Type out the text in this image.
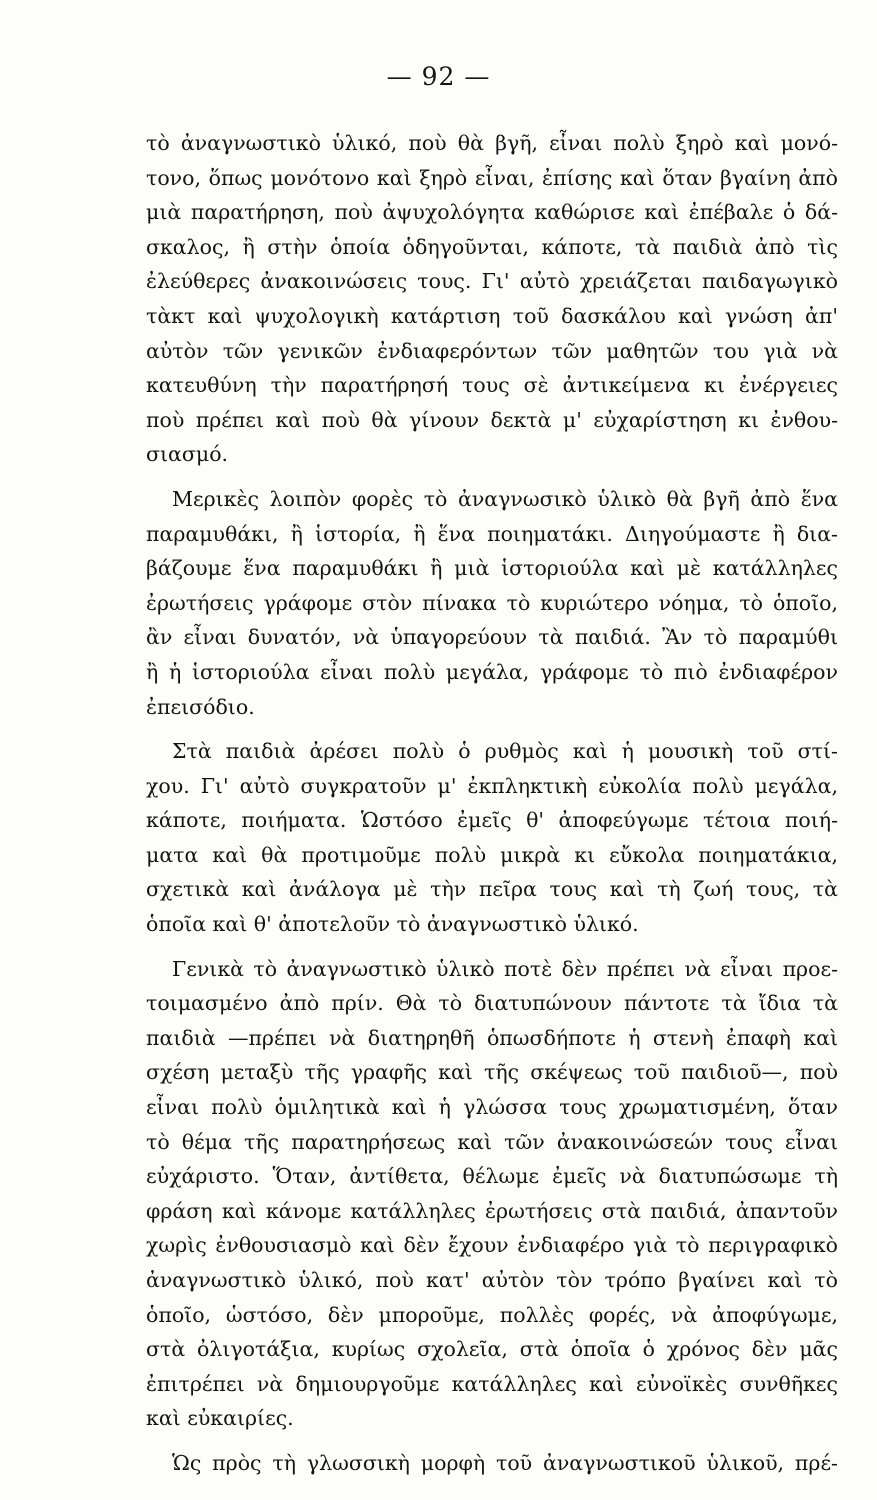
— 92 —
τὸ ἀναγνωστικὸ ὑλικό, ποὺ θὰ βγῆ, εἶναι πολὺ ξηρὸ καὶ μονό-
τονο, ὅπως μονότονο καὶ ξηρὸ εἶναι, ἐπίσης καὶ ὅταν βγαίνη ἀπὸ
μιὰ παρατήρηση, ποὺ ἀψυχολόγητα καθώρισε καὶ ἐπέβαλε ὁ δά-
σκαλος, ἢ στὴν ὁποία ὁδηγοῦνται, κάποτε, τὰ παιδιὰ ἀπὸ τὶς
ἐλεύθερες ἀνακοινώσεις τους. Γι' αὐτὸ χρειάζεται παιδαγωγικὸ
τὰκτ καὶ ψυχολογικὴ κατάρτιση τοῦ δασκάλου καὶ γνώση ἀπ'
αὐτὸν τῶν γενικῶν ἐνδιαφερόντων τῶν μαθητῶν του γιὰ νὰ
κατευθύνη τὴν παρατήρησή τους σὲ ἀντικείμενα κι ἐνέργειες
ποὺ πρέπει καὶ ποὺ θὰ γίνουν δεκτὰ μ' εὐχαρίστηση κι ἐνθου-
σιασμό.
Μερικὲς λοιπὸν φορὲς τὸ ἀναγνωσικὸ ὑλικὸ θὰ βγῆ ἀπὸ ἕνα
παραμυθάκι, ἢ ἱστορία, ἢ ἕνα ποιηματάκι. Διηγούμαστε ἢ δια-
βάζουμε ἕνα παραμυθάκι ἢ μιὰ ἱστοριούλα καὶ μὲ κατάλληλες
ἐρωτήσεις γράφομε στὸν πίνακα τὸ κυριώτερο νόημα, τὸ ὁποῖο,
ἂν εἶναι δυνατόν, νὰ ὑπαγορεύουν τὰ παιδιά. Ἂν τὸ παραμύθι
ἢ ἡ ἱστοριούλα εἶναι πολὺ μεγάλα, γράφομε τὸ πιὸ ἐνδιαφέρον
ἐπεισόδιο.
Στὰ παιδιὰ ἀρέσει πολὺ ὁ ρυθμὸς καὶ ἡ μουσικὴ τοῦ στί-
χου. Γι' αὐτὸ συγκρατοῦν μ' ἐκπληκτικὴ εὐκολία πολὺ μεγάλα,
κάποτε, ποιήματα. Ὡστόσο ἐμεῖς θ' ἀποφεύγωμε τέτοια ποιή-
ματα καὶ θὰ προτιμοῦμε πολὺ μικρὰ κι εὔκολα ποιηματάκια,
σχετικὰ καὶ ἀνάλογα μὲ τὴν πεῖρα τους καὶ τὴ ζωή τους, τὰ
ὁποῖα καὶ θ' ἀποτελοῦν τὸ ἀναγνωστικὸ ὑλικό.
Γενικὰ τὸ ἀναγνωστικὸ ὑλικὸ ποτὲ δὲν πρέπει νὰ εἶναι προε-
τοιμασμένο ἀπὸ πρίν. Θὰ τὸ διατυπώνουν πάντοτε τὰ ἴδια τὰ
παιδιὰ —πρέπει νὰ διατηρηθῆ ὁπωσδήποτε ἡ στενὴ ἐπαφὴ καὶ
σχέση μεταξὺ τῆς γραφῆς καὶ τῆς σκέψεως τοῦ παιδιοῦ—, ποὺ
εἶναι πολὺ ὁμιλητικὰ καὶ ἡ γλώσσα τους χρωματισμένη, ὅταν
τὸ θέμα τῆς παρατηρήσεως καὶ τῶν ἀνακοινώσεών τους εἶναι
εὐχάριστο. Ὅταν, ἀντίθετα, θέλωμε ἐμεῖς νὰ διατυπώσωμε τὴ
φράση καὶ κάνομε κατάλληλες ἐρωτήσεις στὰ παιδιά, ἀπαντοῦν
χωρὶς ἐνθουσιασμὸ καὶ δὲν ἔχουν ἐνδιαφέρο γιὰ τὸ περιγραφικὸ
ἀναγνωστικὸ ὑλικό, ποὺ κατ' αὐτὸν τὸν τρόπο βγαίνει καὶ τὸ
ὁποῖο, ὡστόσο, δὲν μποροῦμε, πολλὲς φορές, νὰ ἀποφύγωμε,
στὰ ὀλιγοτάξια, κυρίως σχολεῖα, στὰ ὁποῖα ὁ χρόνος δὲν μᾶς
ἐπιτρέπει νὰ δημιουργοῦμε κατάλληλες καὶ εὐνοϊκὲς συνθῆκες
καὶ εὐκαιρίες.
Ὡς πρὸς τὴ γλωσσικὴ μορφὴ τοῦ ἀναγνωστικοῦ ὑλικοῦ, πρέ-
